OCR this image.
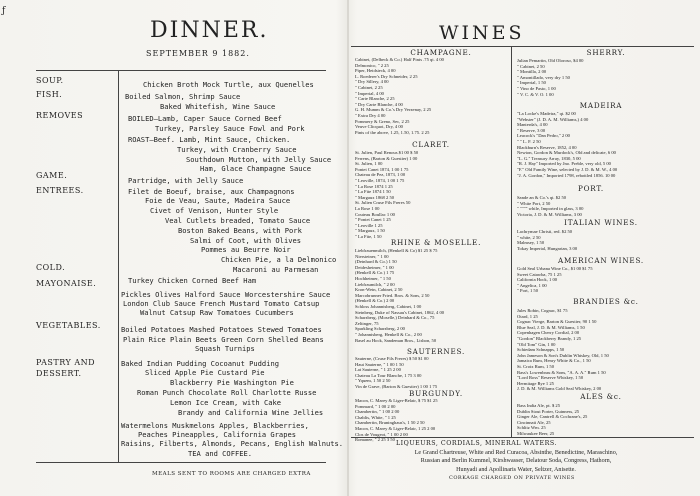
ƒ
DINNER.
SEPTEMBER 9 1882.
SOUP.
FISH.
REMOVES
GAME.
ENTREES.
COLD.
MAYONAISE.
VEGETABLES.
PASTRY AND DESSERT.
Chicken Broth Mock Turtle, aux Quenelles
Boiled Salmon, Shrimp Sauce
Baked Whitefish, Wine Sauce
BOILED—Lamb, Caper Sauce Corned Beef
Turkey, Parsley Sauce Fowl and Pork
ROAST—Beef. Lamb, Mint Sauce, Chicken.
Turkey, with Cranberry Sauce
Southdown Mutton, with Jelly Sauce
Ham, Glace Champagne Sauce
Partridge, with Jelly Sauce
Filet de Boeuf, braise, aux Champagnons
Foie de Veau, Saute, Madeira Sauce
Civet of Venison, Hunter Style
Veal Cutlets breaded, Tomato Sauce
Boston Baked Beans, with Pork
Salmi of Coot, with Olives
Pommes au Beurre Noir
Chicken Pie, a la Delmonico
Macaroni au Parmesan
Turkey Chicken Corned Beef Ham
Pickles Olives Halford Sauce Worcestershire Sauce
London Club Sauce French Mustard Tomato Catsup
Walnut Catsup Raw Tomatoes Cucumbers
Boiled Potatoes Mashed Potatoes Stewed Tomatoes
Plain Rice Plain Beets Green Corn Shelled Beans
Squash Turnips
Baked Indian Pudding Cocoanut Pudding
Sliced Apple Pie Custard Pie
Blackberry Pie Washington Pie
Roman Punch Chocolate Roll Charlotte Russe
Lemon Ice Cream, with Cake
Brandy and California Wine Jellies
Watermelons Muskmelons Apples, Blackberries,
Peaches Pineapples, California Grapes
Raisins, Filberts, Almonds, Pecans, English Walnuts.
TEA and COFFEE.
MEALS SENT TO ROOMS ARE CHARGED EXTRA
WINES
CHAMPAGNE.
Cabinet, (Delbeck & Co.) Half Pints .75 qt. 4 00
Delmonico, " 2 25
Piper, Heidsieck, 4 00
L. Roederer's Dry Schneider, 2 25
" Dry Sillery, 4 00
" Cabinet, 2 25
" Imperial, 4 00
" Carte Blanche, 2 25
" Dry Carte Blanche, 4 00
G. H. Mumm & Co.'s Dry Verzenay, 2 25
" Extra Dry 4 00
Pommery & Greno, Sec, 2 25
Veuve Clicquot, Dry, 4 00
Pints of the above, 1.25, 1.50, 1.75. 2 25
CLARET.
St. Julien, Paul Renous $1 00 $ 50
Ferrens, (Barton & Guestier) 1 00
St. Julien, 1 00
Pontet Canet 1874, 1 00 1 75
Chateau de Pez, 1873, 1 00
" Leoville, 1874, 1 00 1 75
" La Rose 1874 1 25
" La Fite 1874 1 50
" Margaux 1868 2 50
St. Julien Cruse Fils Freres 50
La Rose 1 00
Couteau Boullac 1 00
" Pontet Canet 1 25
" Leoville 1 25
" Margaux, 1 50
" La Fite, 1 50
RHINE & MOSELLE.
Liebfrauenmilch, (Henkell & Co) $1 25 $ 75
Niersteiner, " 1 00
(Deinhard & Co.) 1 50
Deidesheimer, " 1 00
(Henkell & Co.) 1 75
Hochheimer, " 1 50
Liebfraumilch, " 2 00
Kron-Wein, Cabinet, 2 50
Marcobrunner Fried. Bros. & Sons, 2 50
(Henkell & Co.) 2 00
Schloss Johannisberg, Cabinet, 1 00
Steinberg, Duke of Nassau's Cabinet, 1862, 4 00
Scharzberg, (Moselle,) Deinhard & Co., 75
Zeltinger, 75
Sparkling Scharzberg, 2 00
" Johannisberg, Henkell & Co., 2 00
Basel au Hock, Sandeman Bros., Lisbon, 50
SAUTERNES.
Sauterne, (Cruse Fils Freres) $ 50 $1 00
Haut Sauterne, " 1 00 1 50
Lat Sauterne, " 1 25 2 00
Chateau La Tour Blanche, 1 75 3 00
" Yquem, 1 50 2 50
Vin de Grave, (Barton & Guestier) 1 00 1 75
BURGUNDY.
Macon, C. Marey & Liger-Belair, $ 75 $1 25
Pommard, " 1 00 2 00
Chambertin, " 1 00 2 00
Chablis, White, " 1 25
Chambertin, Bruninghaus's, 1 50 2 50
Macon, C. Marey & Liger-Belair, 1 25 2 00
Clos de Vougeot, " 1 00 2 00
Romanee, " 2 25 3 50
SHERRY.
Julian Pemartin, Old Oloroso, $4 00
" Cabinet, 2 50
" Montilla, 2 00
" Amontillado, very dry 1 50
" Imperial, 1 50
" Vino de Pasto, 1 00
" V. C. & V. O. 1 00
MADEIRA
"La Locke's Madeira," qt. $2 00
"Webster" (J. D. A. M. Williams,) 4 00
Manterda's, 4 00
" Reserve, 3 00
Leacock's "Dan Pedro," 2 00
" " L. F. 2 50
Blackburn's Reserve, 1852, 4 00
Newton, Gordon & Murdock's, Old and delicate, 6 00
"L. G." Treasury Array, 1830, 5 00
"R. J. Hay" Imported by Jno. Preble, very old, 5 00
"F." Old Family Wine, selected by J. D. & M. W., 4 00
"J. A. Gordon," Imported 1798, rebottled 1856. 10 00
PORT.
Sande an & Co.'s qt. $2 50
" White Port, 2 50
" """" while, Imported in glass, 3 00
Victoria, J. D. & M. Williams, 3 00
ITALIAN WINES.
Lachrymae Christi, red. $2 50
" white, 2 50
Malmsey, 1 50
Tokay Imperial, Hungarian, 3 00
AMERICAN WINES.
Gold Seal Urbana Wine Co., $1 00 $1 75
Sweet Catawba, 75 1 25
California Hock, 1 00
" Angelica, 1 00
" Port, 1 50
BRANDIES &c.
Jules Robin, Cognac, $1 75
Otard, 1 25
Cognac Vierge, Barton & Guestier, 90 1 50
Blue Seal, J. D. & M. Williams, 1 50
Copenhagen Cherry Cordial, 2 00
"Gordon" Blackberry Brandy, 1 25
"Old Tom" Gin, 1 00
Schiedam Schnapps, 1 50
John Jameson & Son's Dublin Whiskey, Old, 1 50
Jamaica Rum, Henry White & Co., 1 50
St. Croix Rum, 1 50
Bass's Lowenbrau & Sons, "A. A. A." Rum 1 50
"Lord Ross" Reserve Whiskey, 1 50
Hermitage Rye 1 25
J. D. & M. Williams Gold Seal Whiskey, 2 00
ALES &c.
Bass India Ale, pt. $ 25
Dublin Stout Porter, Guinness, 25
Ginger Ale, Cantrell & Cochrane's, 25
Cincinnati Ale, 25
Schlitz Wm. 25
Milwaukee Beer, 25
LIQUEURS, CORDIALS, MINERAL WATERS.
Le Grand Chartreuse, White and Red Curacoa, Absinthe, Benedictine, Maraschino,
Russian and Berlin Kummel, Kirshwasser, Delatour Soda, Congress, Hathorn,
Hunyadi and Apollinaris Water, Seltzer, Anisette.
CORKAGE CHARGED ON PRIVATE WINES
